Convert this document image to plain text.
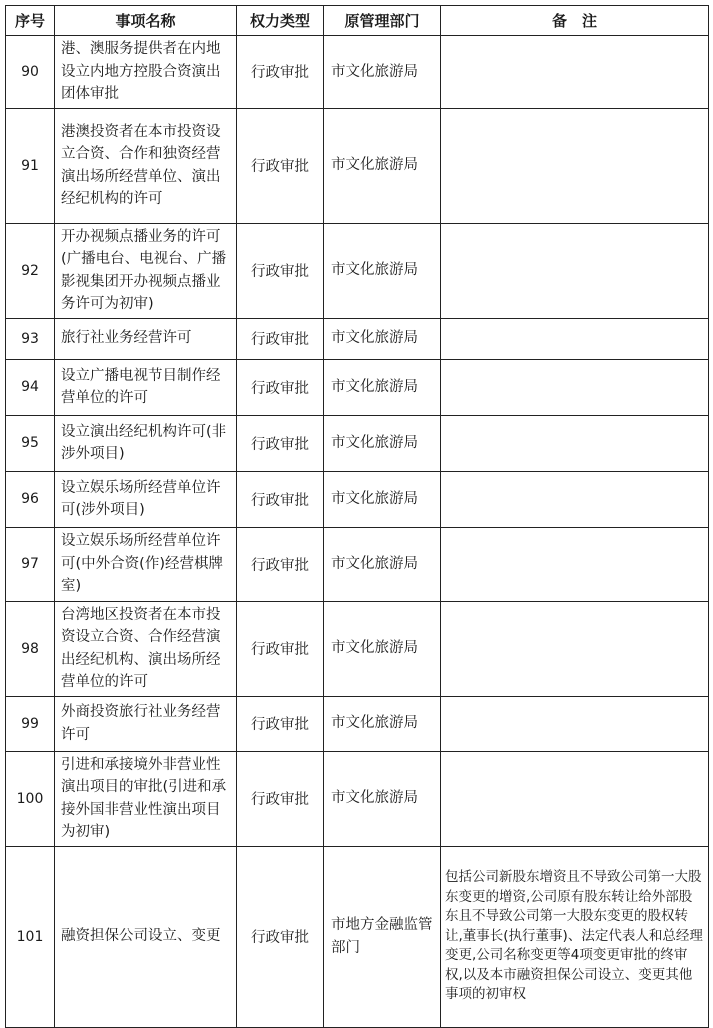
序号	事项名称	权力类型	原管理部门	备　注
90	港、澳服务提供者在内地设立内地方控股合资演出团体审批	行政审批	市文化旅游局	
91	港澳投资者在本市投资设立合资、合作和独资经营演出场所经营单位、演出经纪机构的许可	行政审批	市文化旅游局	
92	开办视频点播业务的许可(广播电台、电视台、广播影视集团开办视频点播业务许可为初审)	行政审批	市文化旅游局	
93	旅行社业务经营许可	行政审批	市文化旅游局	
94	设立广播电视节目制作经营单位的许可	行政审批	市文化旅游局	
95	设立演出经纪机构许可(非涉外项目)	行政审批	市文化旅游局	
96	设立娱乐场所经营单位许可(涉外项目)	行政审批	市文化旅游局	
97	设立娱乐场所经营单位许可(中外合资(作)经营棋牌室)	行政审批	市文化旅游局	
98	台湾地区投资者在本市投资设立合资、合作经营演出经纪机构、演出场所经营单位的许可	行政审批	市文化旅游局	
99	外商投资旅行社业务经营许可	行政审批	市文化旅游局	
100	引进和承接境外非营业性演出项目的审批(引进和承接外国非营业性演出项目为初审)	行政审批	市文化旅游局	
101	融资担保公司设立、变更	行政审批	市地方金融监管部门	包括公司新股东增资且不导致公司第一大股东变更的增资,公司原有股东转让给外部股东且不导致公司第一大股东变更的股权转让,董事长(执行董事)、法定代表人和总经理变更,公司名称变更等4项变更审批的终审权,以及本市融资担保公司设立、变更其他事项的初审权
